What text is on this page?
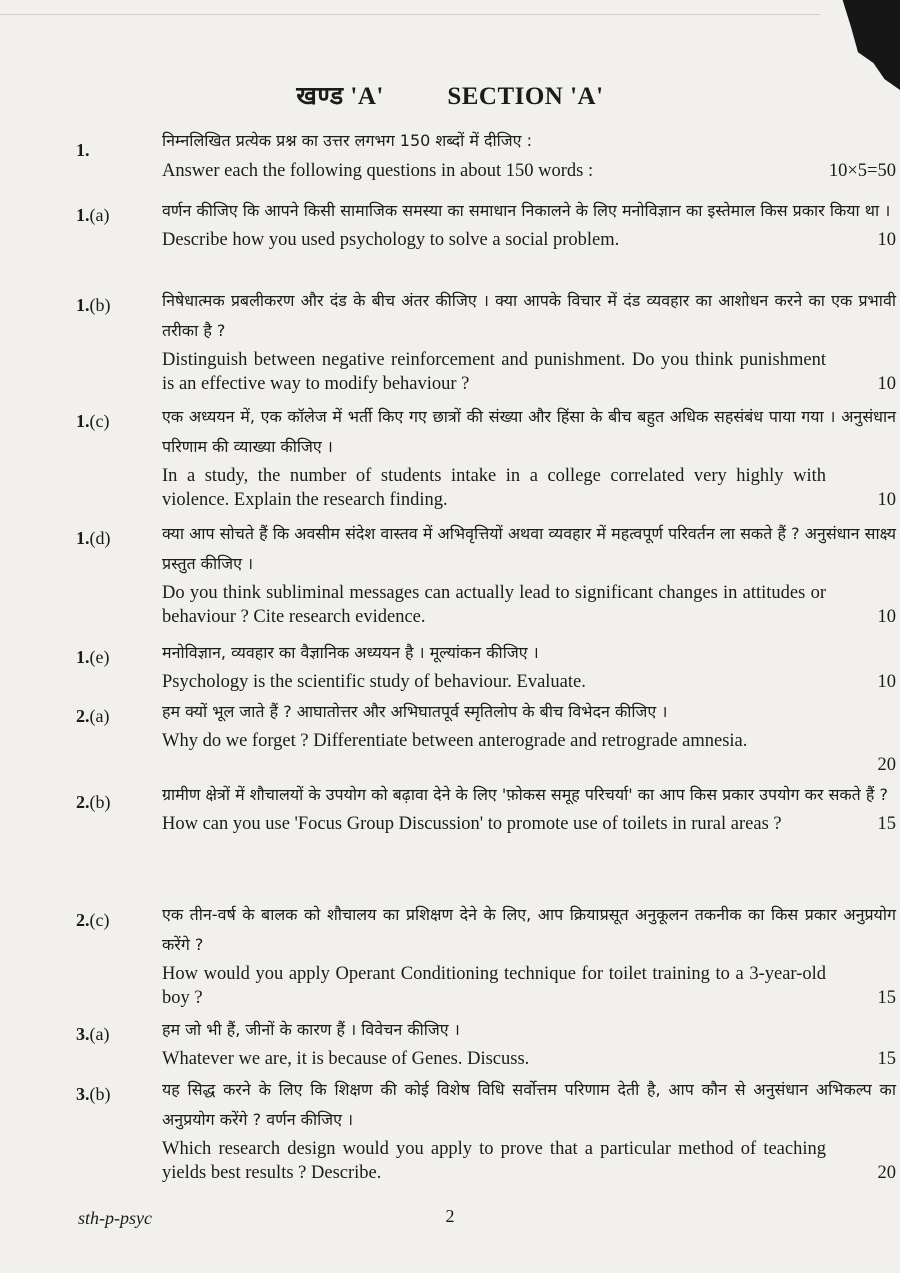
खण्ड 'A'	SECTION 'A'
1.	निम्नलिखित प्रत्येक प्रश्न का उत्तर लगभग 150 शब्दों में दीजिए :
Answer each the following questions in about 150 words :	10×5=50
1.(a)	वर्णन कीजिए कि आपने किसी सामाजिक समस्या का समाधान निकालने के लिए मनोविज्ञान का इस्तेमाल किस प्रकार किया था ।
Describe how you used psychology to solve a social problem.	10
1.(b)	निषेधात्मक प्रबलीकरण और दंड के बीच अंतर कीजिए । क्या आपके विचार में दंड व्यवहार का आशोधन करने का एक प्रभावी तरीका है ?
Distinguish between negative reinforcement and punishment. Do you think punishment is an effective way to modify behaviour ?	10
1.(c)	एक अध्ययन में, एक कॉलेज में भर्ती किए गए छात्रों की संख्या और हिंसा के बीच बहुत अधिक सहसंबंध पाया गया । अनुसंधान परिणाम की व्याख्या कीजिए ।
In a study, the number of students intake in a college correlated very highly with violence. Explain the research finding.	10
1.(d)	क्या आप सोचते हैं कि अवसीम संदेश वास्तव में अभिवृत्तियों अथवा व्यवहार में महत्वपूर्ण परिवर्तन ला सकते हैं ? अनुसंधान साक्ष्य प्रस्तुत कीजिए ।
Do you think subliminal messages can actually lead to significant changes in attitudes or behaviour ? Cite research evidence.	10
1.(e)	मनोविज्ञान, व्यवहार का वैज्ञानिक अध्ययन है । मूल्यांकन कीजिए ।
Psychology is the scientific study of behaviour. Evaluate.	10
2.(a)	हम क्यों भूल जाते हैं ? आघातोत्तर और अभिघातपूर्व स्मृतिलोप के बीच विभेदन कीजिए ।
Why do we forget ? Differentiate between anterograde and retrograde amnesia.
20
2.(b)	ग्रामीण क्षेत्रों में शौचालयों के उपयोग को बढ़ावा देने के लिए 'फ़ोकस समूह परिचर्या' का आप किस प्रकार उपयोग कर सकते हैं ?
How can you use 'Focus Group Discussion' to promote use of toilets in rural areas ?	15
2.(c)	एक तीन-वर्ष के बालक को शौचालय का प्रशिक्षण देने के लिए, आप क्रियाप्रसूत अनुकूलन तकनीक का किस प्रकार अनुप्रयोग करेंगे ?
How would you apply Operant Conditioning technique for toilet training to a 3-year-old boy ?	15
3.(a)	हम जो भी हैं, जीनों के कारण हैं । विवेचन कीजिए ।
Whatever we are, it is because of Genes. Discuss.	15
3.(b)	यह सिद्ध करने के लिए कि शिक्षण की कोई विशेष विधि सर्वोत्तम परिणाम देती है, आप कौन से अनुसंधान अभिकल्प का अनुप्रयोग करेंगे ? वर्णन कीजिए ।
Which research design would you apply to prove that a particular method of teaching yields best results ? Describe.	20
sth-p-psyc	2
